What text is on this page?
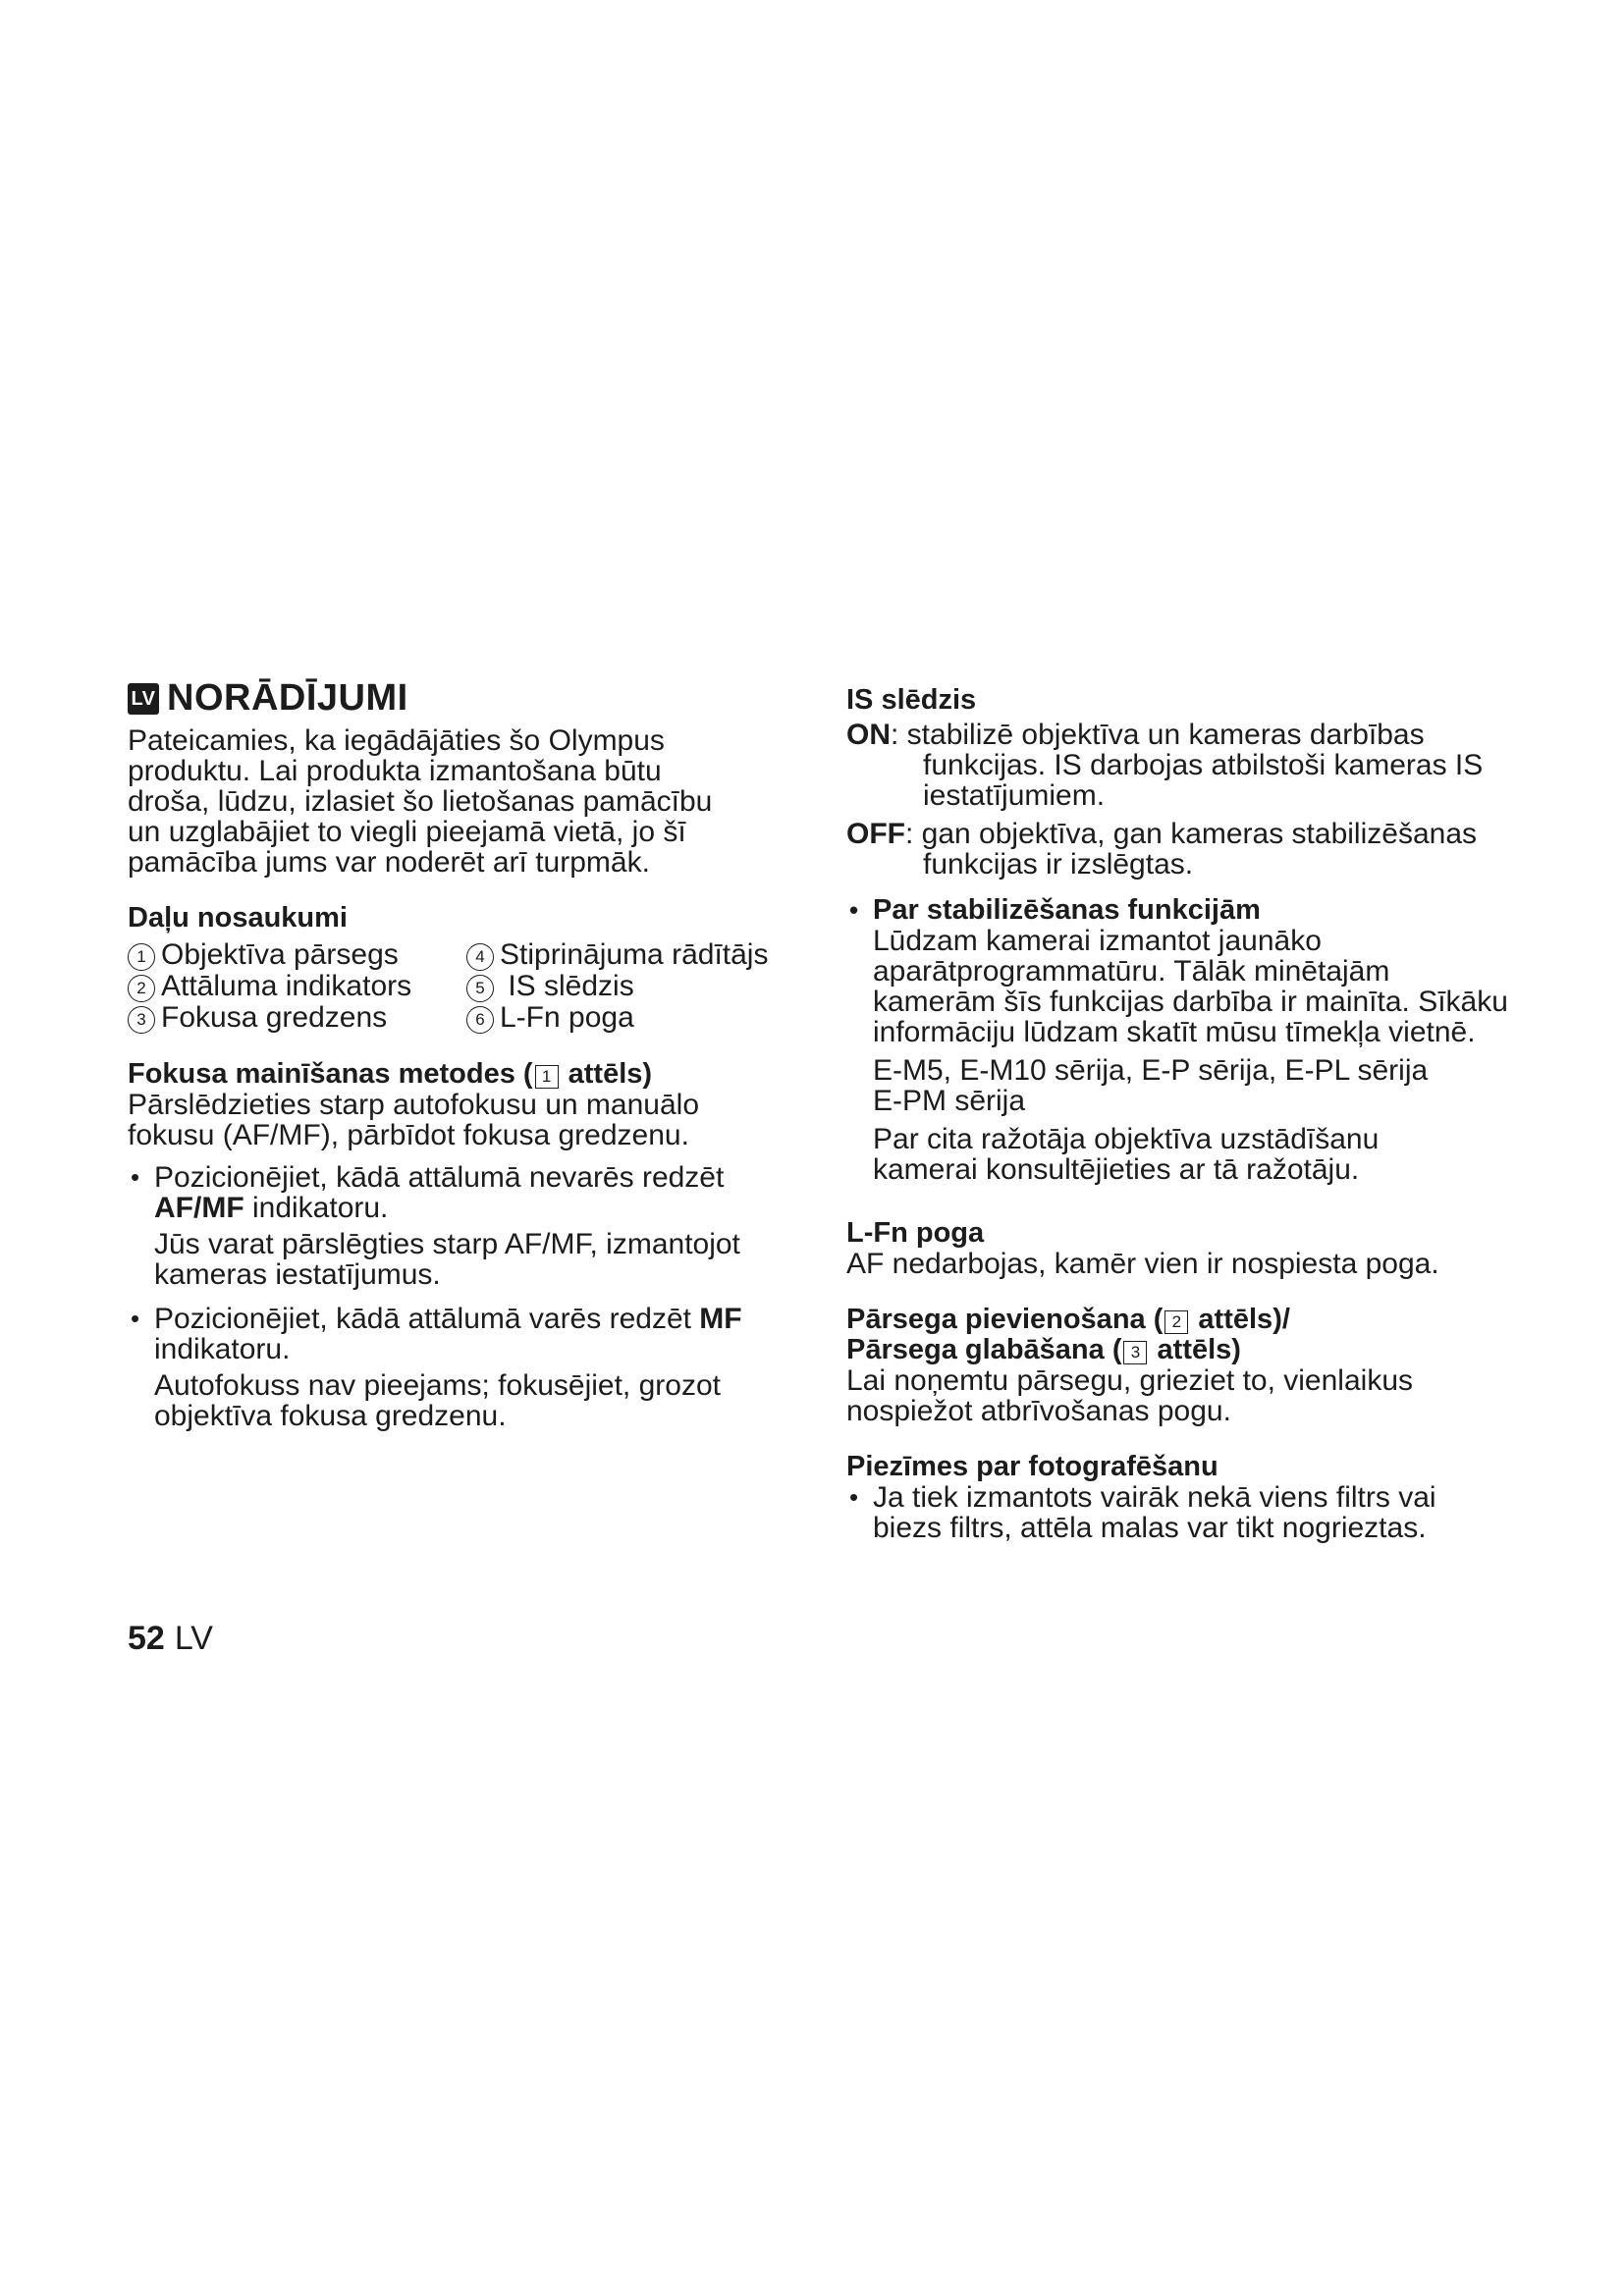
LV NORĀDĪJUMI
Pateicamies, ka iegādājāties šo Olympus
produktu. Lai produkta izmantošana būtu
droša, lūdzu, izlasiet šo lietošanas pamācību
un uzglabājiet to viegli pieejamā vietā, jo šī
pamācība jums var noderēt arī turpmāk.
Daļu nosaukumi
1 Objektīva pārsegs	4 Stiprinājuma rādītājs
2 Attāluma indikators	5 IS slēdzis
3 Fokusa gredzens	6 L-Fn poga
Fokusa mainīšanas metodes ( 1 attēls)
Pārslēdzieties starp autofokusu un manuālo
fokusu (AF/MF), pārbīdot fokusa gredzenu.
• Pozicionējiet, kādā attālumā nevarēs redzēt
AF/MF indikatoru.
Jūs varat pārslēgties starp AF/MF, izmantojot
kameras iestatījumus.
• Pozicionējiet, kādā attālumā varēs redzēt MF
indikatoru.
Autofokuss nav pieejams; fokusējiet, grozot
objektīva fokusa gredzenu.
IS slēdzis
ON : stabilizē objektīva un kameras darbības
funkcijas. IS darbojas atbilstoši kameras IS
iestatījumiem.
OFF : gan objektīva, gan kameras stabilizēšanas
funkcijas ir izslēgtas.
• Par stabilizēšanas funkcijām
Lūdzam kamerai izmantot jaunāko
aparātprogrammatūru. Tālāk minētajām
kamerām šīs funkcijas darbība ir mainīta. Sīkāku
informāciju lūdzam skatīt mūsu tīmekļa vietnē.
E-M5, E-M10 sērija, E-P sērija, E-PL sērija
E-PM sērija
Par cita ražotāja objektīva uzstādīšanu
kamerai konsultējieties ar tā ražotāju.
L-Fn poga
AF nedarbojas, kamēr vien ir nospiesta poga.
Pārsega pievienošana ( 2 attēls)/
Pārsega glabāšana ( 3 attēls)
Lai noņemtu pārsegu, grieziet to, vienlaikus
nospiežot atbrīvošanas pogu.
Piezīmes par fotografēšanu
• Ja tiek izmantots vairāk nekā viens filtrs vai
biezs filtrs, attēla malas var tikt nogrieztas.
52 LV
